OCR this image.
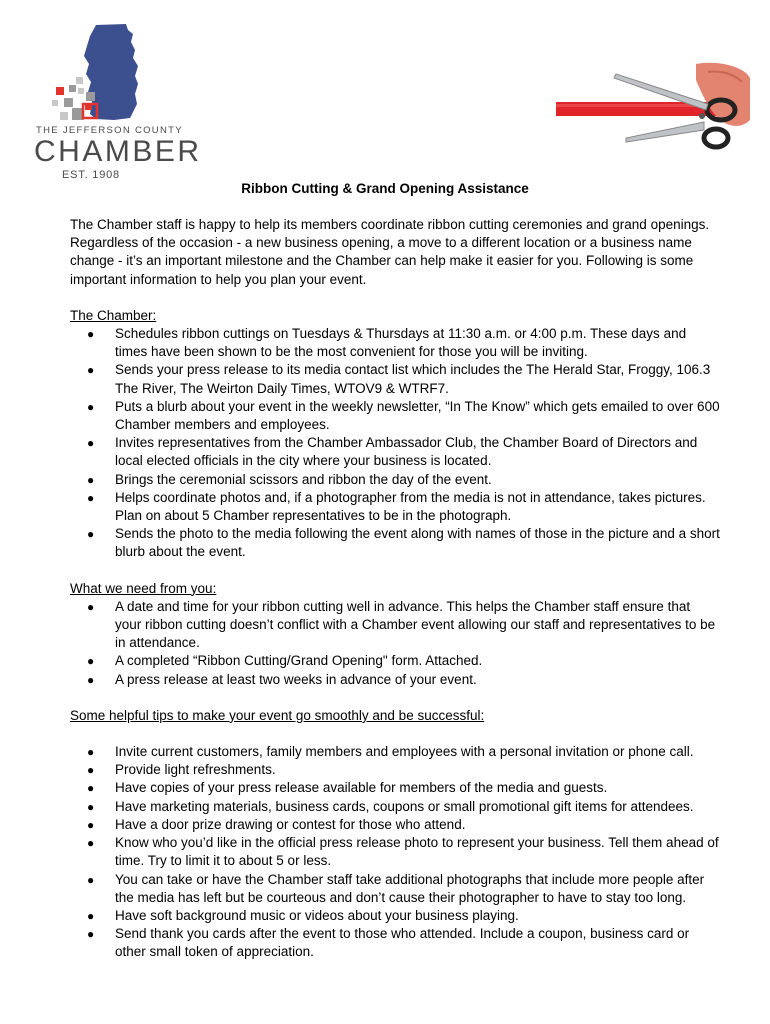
THE JEFFERSON COUNTY
CHAMBER
EST. 1908
Ribbon Cutting & Grand Opening Assistance

The Chamber staff is happy to help its members coordinate ribbon cutting ceremonies and grand openings. Regardless of the occasion - a new business opening, a move to a different location or a business name change - it’s an important milestone and the Chamber can help make it easier for you. Following is some important information to help you plan your event.

The Chamber:

● Schedules ribbon cuttings on Tuesdays & Thursdays at 11:30 a.m. or 4:00 p.m. These days and times have been shown to be the most convenient for those you will be inviting.
● Sends your press release to its media contact list which includes the The Herald Star, Froggy, 106.3 The River, The Weirton Daily Times, WTOV9 & WTRF7.
● Puts a blurb about your event in the weekly newsletter, “In The Know” which gets emailed to over 600 Chamber members and employees.
● Invites representatives from the Chamber Ambassador Club, the Chamber Board of Directors and local elected officials in the city where your business is located.
● Brings the ceremonial scissors and ribbon the day of the event.
● Helps coordinate photos and, if a photographer from the media is not in attendance, takes pictures. Plan on about 5 Chamber representatives to be in the photograph.
● Sends the photo to the media following the event along with names of those in the picture and a short blurb about the event.

What we need from you:

● A date and time for your ribbon cutting well in advance. This helps the Chamber staff ensure that your ribbon cutting doesn’t conflict with a Chamber event allowing our staff and representatives to be in attendance.
● A completed “Ribbon Cutting/Grand Opening" form. Attached.
● A press release at least two weeks in advance of your event.

Some helpful tips to make your event go smoothly and be successful:

● Invite current customers, family members and employees with a personal invitation or phone call.
● Provide light refreshments.
● Have copies of your press release available for members of the media and guests.
● Have marketing materials, business cards, coupons or small promotional gift items for attendees.
● Have a door prize drawing or contest for those who attend.
● Know who you’d like in the official press release photo to represent your business. Tell them ahead of time. Try to limit it to about 5 or less.
● You can take or have the Chamber staff take additional photographs that include more people after the media has left but be courteous and don’t cause their photographer to have to stay too long.
● Have soft background music or videos about your business playing.
● Send thank you cards after the event to those who attended. Include a coupon, business card or other small token of appreciation.
